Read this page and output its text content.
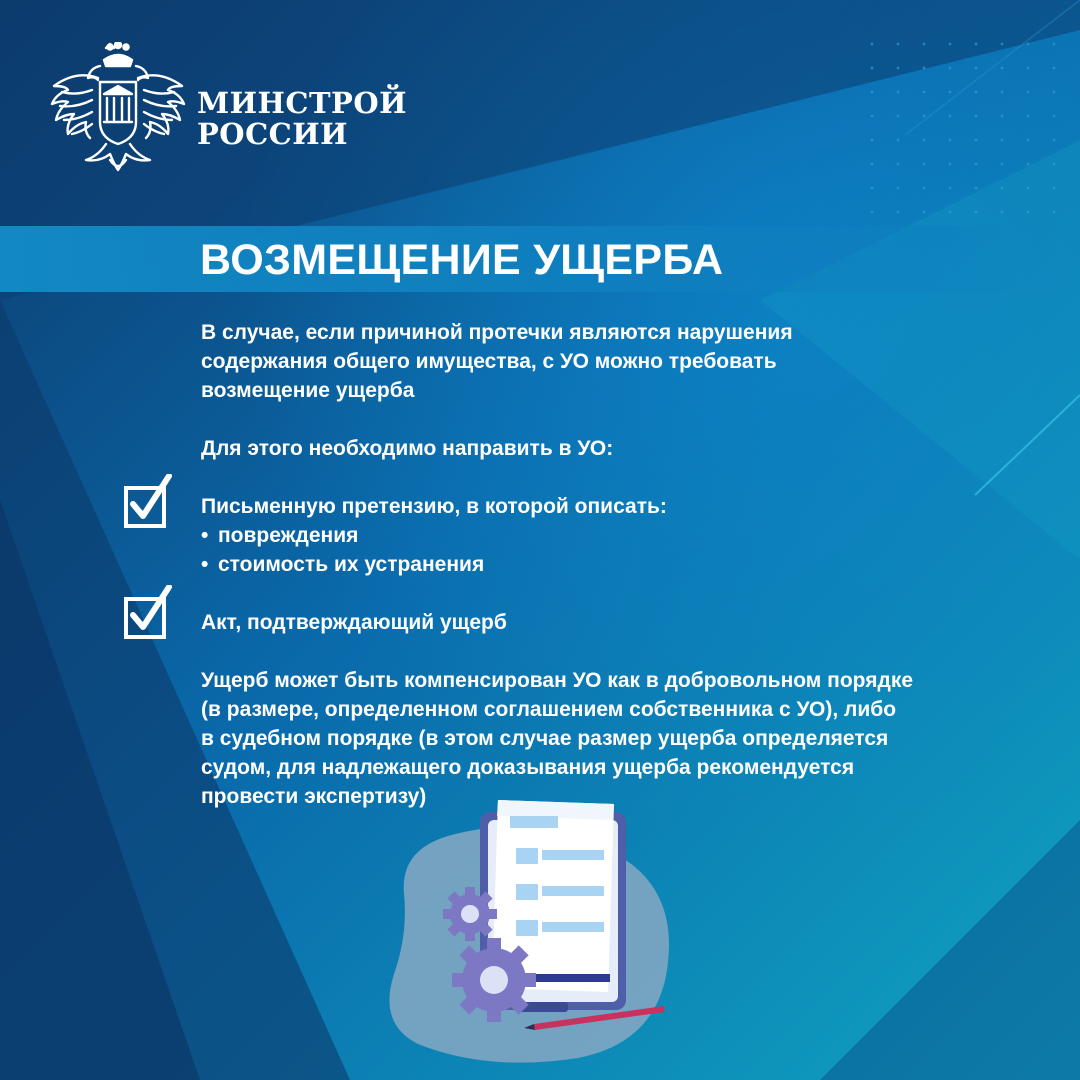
МИНСТРОЙ
РОССИИ
ВОЗМЕЩЕНИЕ УЩЕРБА

В случае, если причиной протечки являются нарушения
содержания общего имущества, с УО можно требовать
возмещение ущерба

Для этого необходимо направить в УО:

Письменную претензию, в которой описать:

• повреждения
• стоимость их устранения

Акт, подтверждающий ущерб

Ущерб может быть компенсирован УО как в добровольном порядке
(в размере, определенном соглашением собственника с УО), либо
в судебном порядке (в этом случае размер ущерба определяется
судом, для надлежащего доказывания ущерба рекомендуется
провести экспертизу)
